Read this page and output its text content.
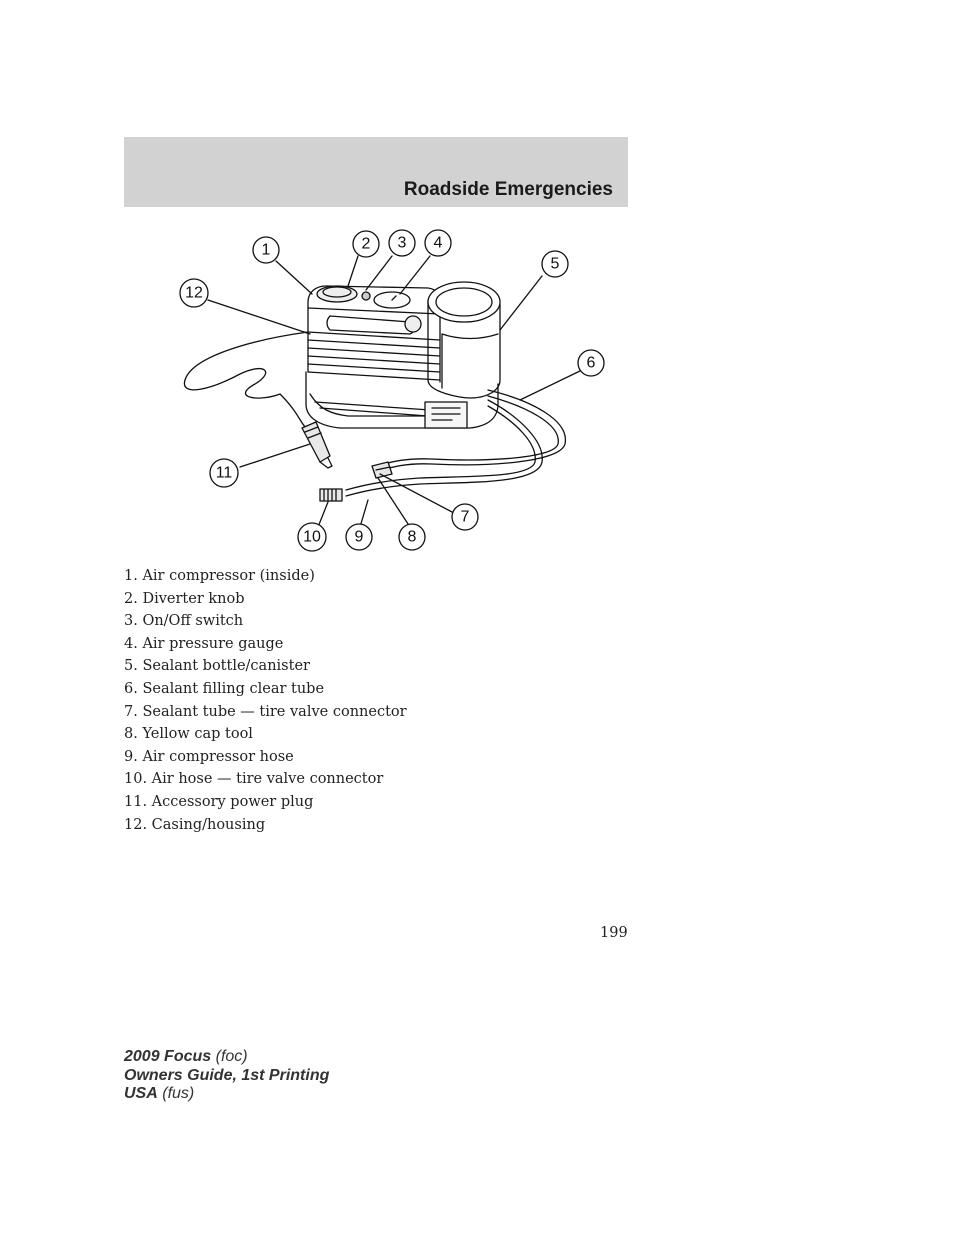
Roadside Emergencies
1	2 3 4
5
6
7
8
9
10
11
12
1. Air compressor (inside)
2. Diverter knob
3. On/Off switch
4. Air pressure gauge
5. Sealant bottle/canister
6. Sealant filling clear tube
7. Sealant tube — tire valve connector
8. Yellow cap tool
9. Air compressor hose
10. Air hose — tire valve connector
11. Accessory power plug
12. Casing/housing
199
2009 Focus (foc)
Owners Guide, 1st Printing
USA (fus)
